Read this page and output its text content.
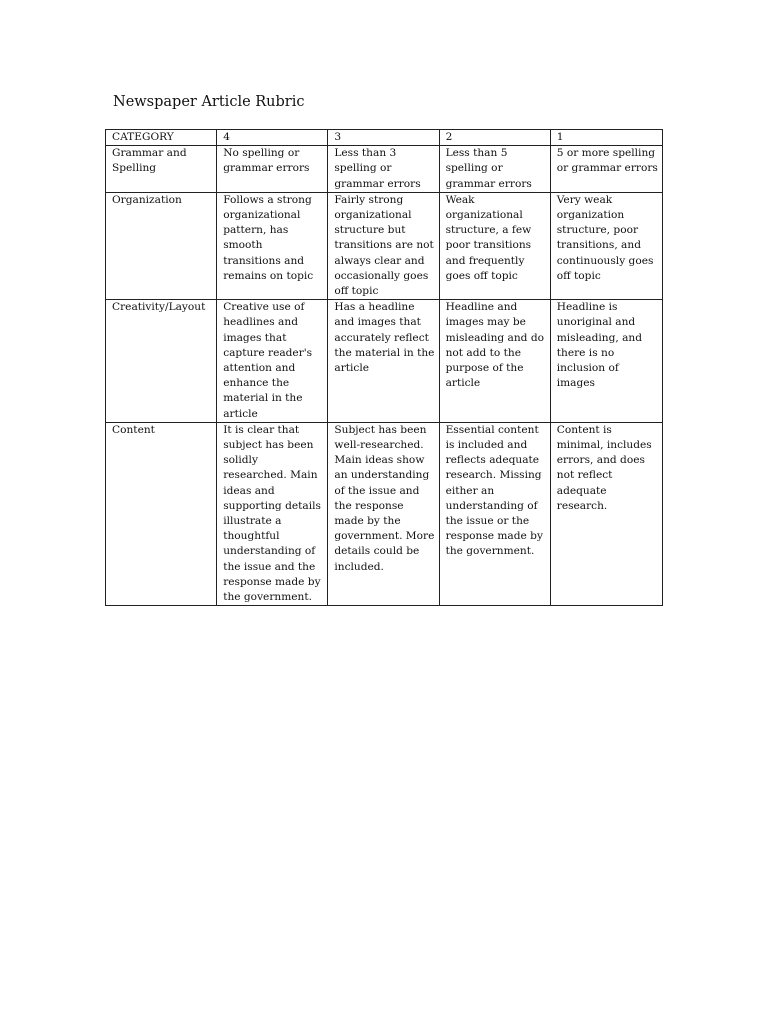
Newspaper Article Rubric
CATEGORY	4	3	2	1
Grammar and Spelling	No spelling or grammar errors	Less than 3 spelling or grammar errors	Less than 5 spelling or grammar errors	5 or more spelling or grammar errors
Organization	Follows a strong organizational pattern, has smooth transitions and remains on topic	Fairly strong organizational structure but transitions are not always clear and occasionally goes off topic	Weak organizational structure, a few poor transitions and frequently goes off topic	Very weak organization structure, poor transitions, and continuously goes off topic
Creativity/Layout	Creative use of headlines and images that capture reader's attention and enhance the material in the article	Has a headline and images that accurately reflect the material in the article	Headline and images may be misleading and do not add to the purpose of the article	Headline is unoriginal and misleading, and there is no inclusion of images
Content	It is clear that subject has been solidly researched. Main ideas and supporting details illustrate a thoughtful understanding of the issue and the response made by the government.	Subject has been well-researched. Main ideas show an understanding of the issue and the response made by the government. More details could be included.	Essential content is included and reflects adequate research. Missing either an understanding of the issue or the response made by the government.	Content is minimal, includes errors, and does not reflect adequate research.
